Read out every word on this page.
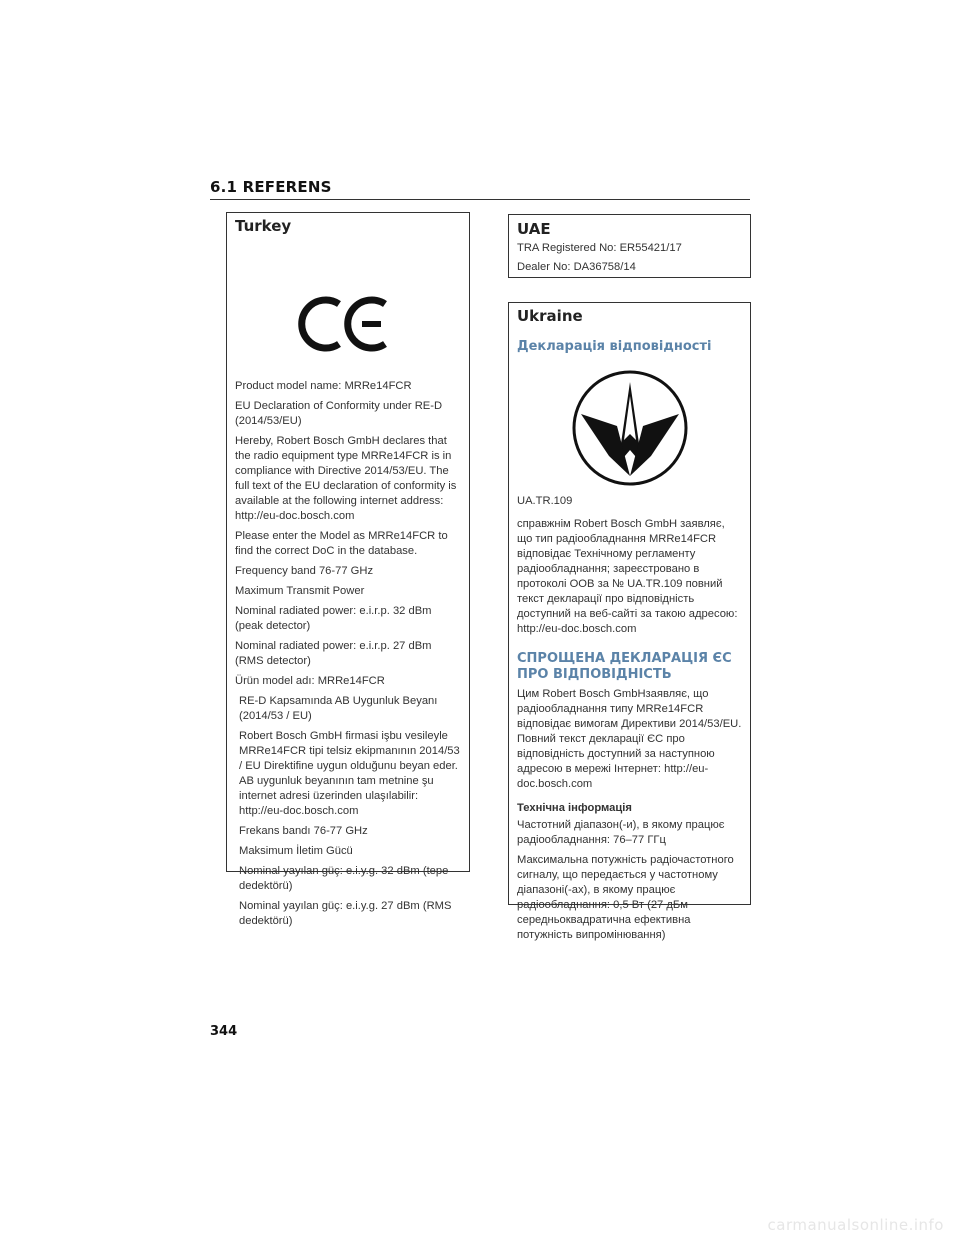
6.1 REFERENS
Turkey

Product model name: MRRe14FCR

EU Declaration of Conformity under RE-D (2014/53/EU)

Hereby, Robert Bosch GmbH declares that the radio equipment type MRRe14FCR is in compliance with Directive 2014/53/EU. The full text of the EU declaration of conformity is available at the following internet address: http://eu-doc.bosch.com

Please enter the Model as MRRe14FCR to find the correct DoC in the database.

Frequency band 76-77 GHz

Maximum Transmit Power

Nominal radiated power: e.i.r.p. 32 dBm (peak detector)

Nominal radiated power: e.i.r.p. 27 dBm (RMS detector)

Ürün model adı: MRRe14FCR

RE-D Kapsamında AB Uygunluk Beyanı (2014/53 / EU)

Robert Bosch GmbH firmasi işbu vesileyle MRRe14FCR tipi telsiz ekipmanının 2014/53 / EU Direktifine uygun olduğunu beyan eder. AB uygunluk beyanının tam metnine şu internet adresi üzerinden ulaşılabilir: http://eu-doc.bosch.com

Frekans bandı 76-77 GHz

Maksimum İletim Gücü

Nominal yayılan güç: e.i.y.g. 32 dBm (tepe dedektörü)

Nominal yayılan güç: e.i.y.g. 27 dBm (RMS dedektörü)

UAE

TRA Registered No: ER55421/17

Dealer No: DA36758/14

Ukraine
Декларація відповідності

UA.TR.109

справжнім Robert Bosch GmbH заявляє, що тип радіообладнання MRRe14FCR відповідає Технічному регламенту радіообладнання; зареєстровано в протоколі OOB за № UA.TR.109 повний текст декларації про відповідність доступний на веб-сайті за такою адресою: http://eu-doc.bosch.com

СПРОЩЕНА ДЕКЛАРАЦІЯ ЄС ПРО ВІДПОВІДНІСТЬ

Цим Robert Bosch GmbHзаявляє, що радіообладнання типу MRRe14FCR відповідає вимогам Директиви 2014/53/EU. Повний текст декларації ЄС про відповідність доступний за наступною адресою в мережі Інтернет: http://eu-doc.bosch.com

Технічна інформація

Частотний діапазон(-и), в якому працює радіообладнання: 76–77 ГГц

Максимальна потужність радіочастотного сигналу, що передається у частотному діапазоні(-ах), в якому працює радіообладнання: 0,5 Вт (27 дБм середньоквадратична ефективна потужність випромінювання)

344
carmanualsonline.info
